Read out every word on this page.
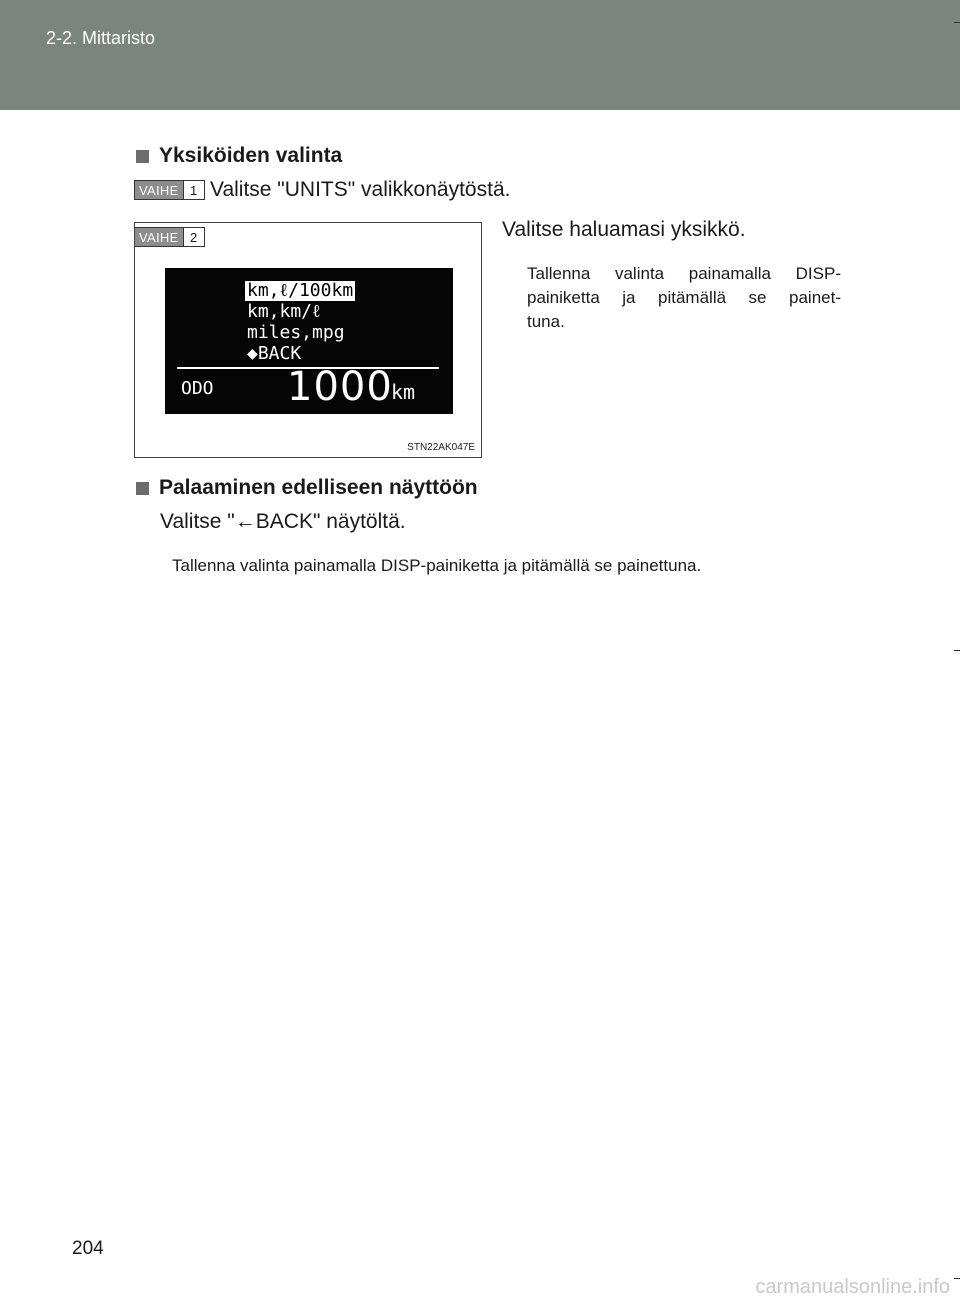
2-2. Mittaristo
Yksiköiden valinta
VAIHE 1 Valitse "UNITS" valikkonäytöstä.
VAIHE 2
km,ℓ/100km
km,km/ℓ
miles,mpg
◆BACK
ODO 1000
km
STN22AK047E
Valitse haluamasi yksikkö.
Tallenna valinta painamalla DISP-
painiketta ja pitämällä se painet-
tuna.
Palaaminen edelliseen näyttöön
Valitse "←BACK" näytöltä.
Tallenna valinta painamalla DISP-painiketta ja pitämällä se painettuna.
204
carmanualsonline.info
